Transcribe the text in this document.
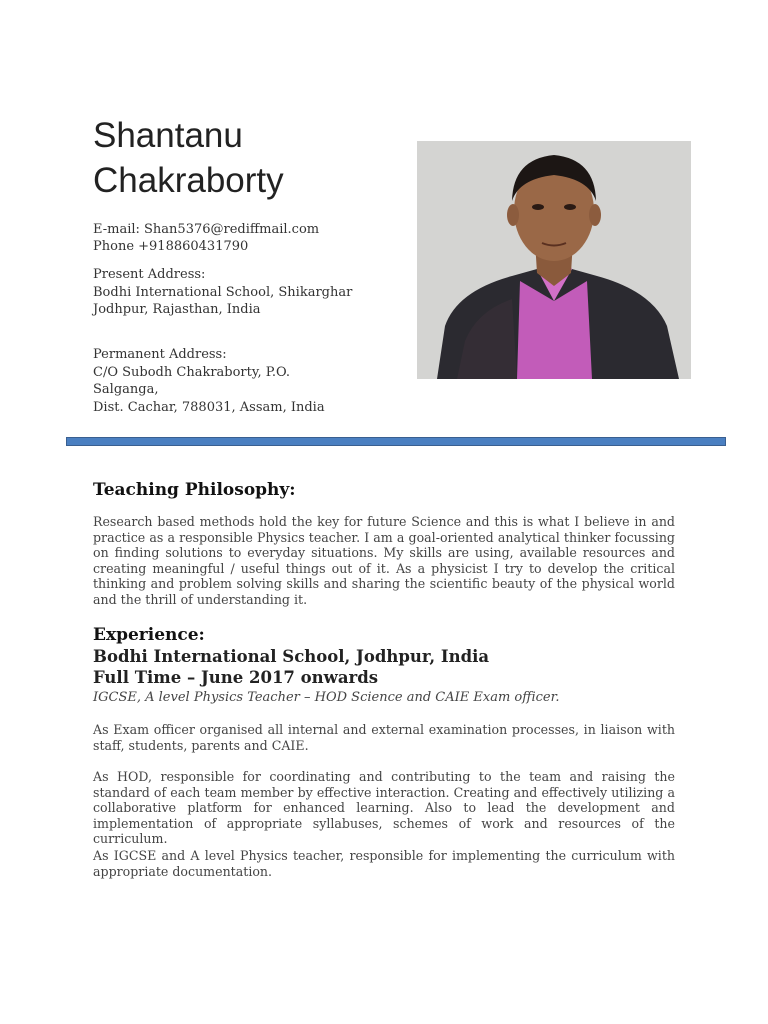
Shantanu
Chakraborty
E-mail: Shan5376@rediffmail.com
Phone +918860431790
Present Address:
Bodhi International School, Shikarghar
Jodhpur, Rajasthan, India
Permanent Address:
C/O Subodh Chakraborty, P.O.
Salganga,
Dist. Cachar, 788031, Assam, India
Teaching Philosophy:

Research based methods hold the key for future Science and this is what I believe in and practice as a responsible Physics teacher. I am a goal-oriented analytical thinker focussing on finding solutions to everyday situations. My skills are using, available resources and creating meaningful / useful things out of it. As a physicist I try to develop the critical thinking and problem solving skills and sharing the scientific beauty of the physical world and the thrill of understanding it.

Experience:

Bodhi International School, Jodhpur, India

Full Time – June 2017 onwards

IGCSE, A level Physics Teacher – HOD Science and CAIE Exam officer.

As Exam officer organised all internal and external examination processes, in liaison with staff, students, parents and CAIE.

As HOD, responsible for coordinating and contributing to the team and raising the standard of each team member by effective interaction. Creating and effectively utilizing a collaborative platform for enhanced learning. Also to lead the development and implementation of appropriate syllabuses, schemes of work and resources of the curriculum.

As IGCSE and A level Physics teacher, responsible for implementing the curriculum with appropriate documentation.
